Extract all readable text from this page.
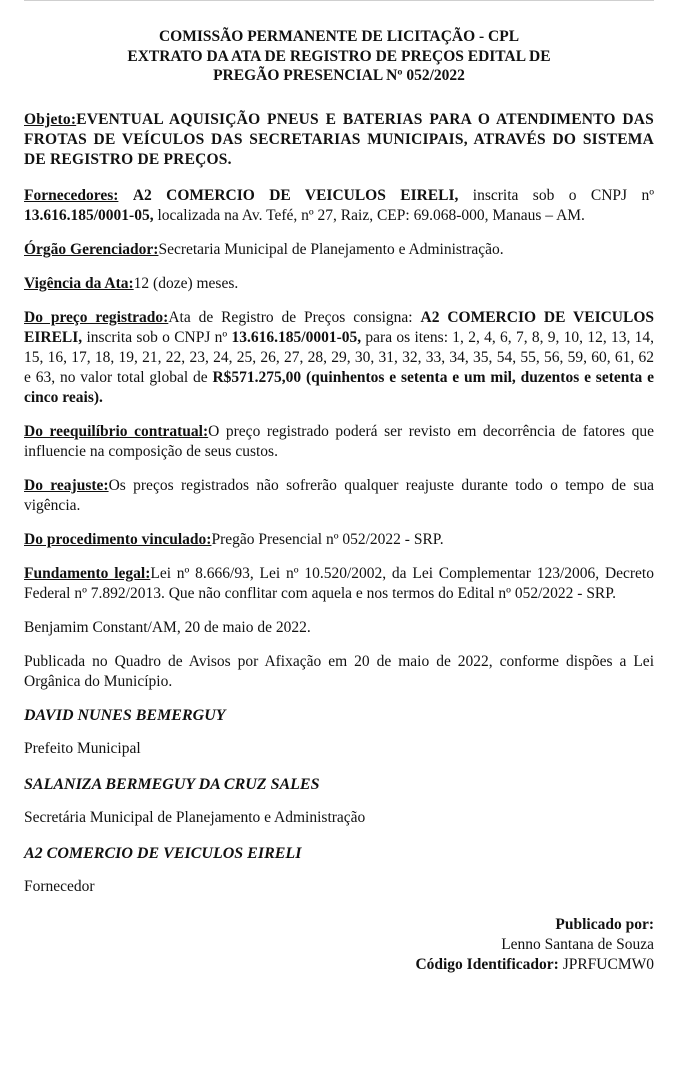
COMISSÃO PERMANENTE DE LICITAÇÃO - CPL
EXTRATO DA ATA DE REGISTRO DE PREÇOS EDITAL DE
PREGÃO PRESENCIAL Nº 052/2022

Objeto:EVENTUAL AQUISIÇÃO PNEUS E BATERIAS PARA O ATENDIMENTO DAS FROTAS DE VEÍCULOS DAS SECRETARIAS MUNICIPAIS, ATRAVÉS DO SISTEMA DE REGISTRO DE PREÇOS.

Fornecedores: A2 COMERCIO DE VEICULOS EIRELI, inscrita sob o CNPJ nº 13.616.185/0001-05, localizada na Av. Tefé, nº 27, Raiz, CEP: 69.068-000, Manaus – AM.

Órgão Gerenciador:Secretaria Municipal de Planejamento e Administração.

Vigência da Ata:12 (doze) meses.

Do preço registrado:Ata de Registro de Preços consigna: A2 COMERCIO DE VEICULOS EIRELI, inscrita sob o CNPJ nº 13.616.185/0001-05, para os itens: 1, 2, 4, 6, 7, 8, 9, 10, 12, 13, 14, 15, 16, 17, 18, 19, 21, 22, 23, 24, 25, 26, 27, 28, 29, 30, 31, 32, 33, 34, 35, 54, 55, 56, 59, 60, 61, 62 e 63, no valor total global de R$571.275,00 (quinhentos e setenta e um mil, duzentos e setenta e cinco reais).

Do reequilíbrio contratual:O preço registrado poderá ser revisto em decorrência de fatores que influencie na composição de seus custos.

Do reajuste:Os preços registrados não sofrerão qualquer reajuste durante todo o tempo de sua vigência.

Do procedimento vinculado:Pregão Presencial nº 052/2022 - SRP.

Fundamento legal:Lei nº 8.666/93, Lei nº 10.520/2002, da Lei Complementar 123/2006, Decreto Federal nº 7.892/2013. Que não conflitar com aquela e nos termos do Edital nº 052/2022 - SRP.

Benjamim Constant/AM, 20 de maio de 2022.

Publicada no Quadro de Avisos por Afixação em 20 de maio de 2022, conforme dispões a Lei Orgânica do Município.

DAVID NUNES BEMERGUY
Prefeito Municipal
SALANIZA BERMEGUY DA CRUZ SALES
Secretária Municipal de Planejamento e Administração
A2 COMERCIO DE VEICULOS EIRELI
Fornecedor
Publicado por:
Lenno Santana de Souza
Código Identificador: JPRFUCMW0
